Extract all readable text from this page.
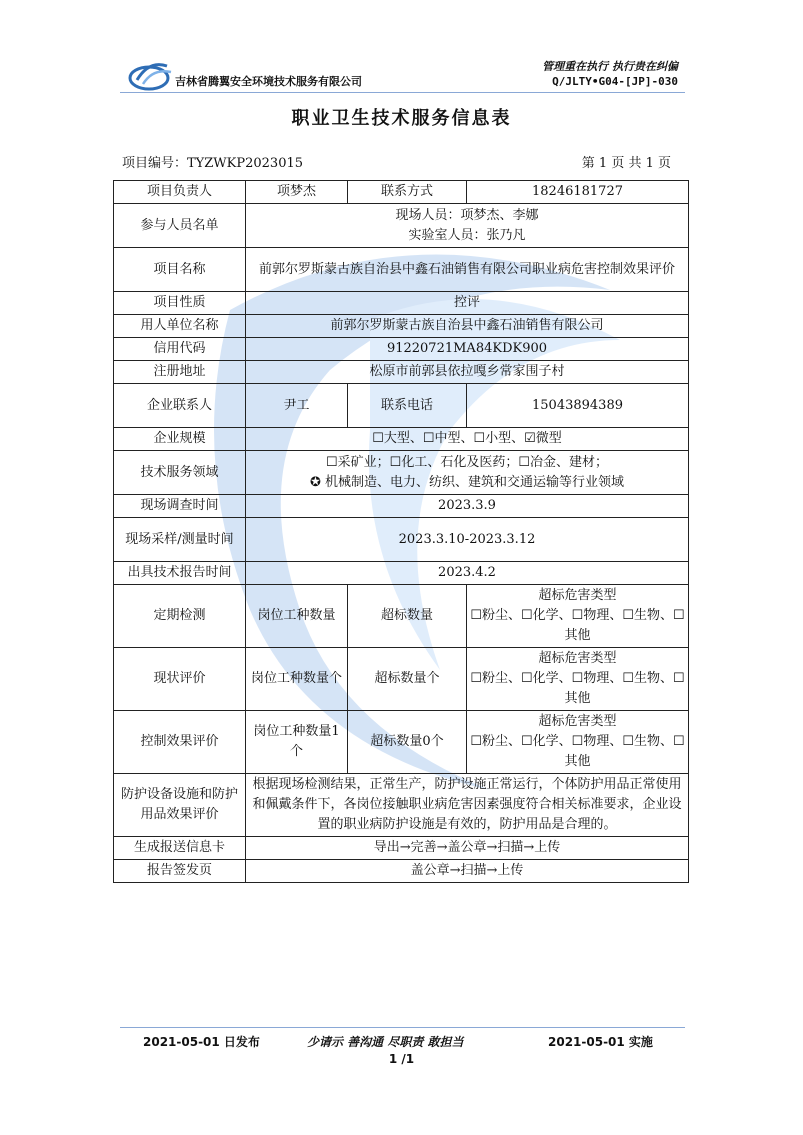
吉林省腾翼安全环境技术服务有限公司
管理重在执行 执行贵在纠偏
Q/JLTY•G04-[JP]-030
职业卫生技术服务信息表
项目编号：TYZWKP2023015	第 1 页 共 1 页
项目负责人	项梦杰	联系方式	18246181727
参与人员名单	现场人员：项梦杰、李娜
实验室人员：张乃凡		

项目名称	前郭尔罗斯蒙古族自治县中鑫石油销售有限公司职业病危害控制效果评价		
项目性质	控评		
用人单位名称	前郭尔罗斯蒙古族自治县中鑫石油销售有限公司		
信用代码	91220721MA84KDK900		
注册地址	松原市前郭县依拉嘎乡常家围子村		
企业联系人	尹工	联系电话	15043894389
企业规模	☐大型、☐中型、☐小型、☑微型		
技术服务领域	☐采矿业；☐化工、石化及医药；☐冶金、建材；
✪ 机械制造、电力、纺织、建筑和交通运输等行业领域		

现场调查时间	2023.3.9		
现场采样/测量时间	2023.3.10-2023.3.12		
出具技术报告时间	2023.4.2		
定期检测	岗位工种数量	超标数量	超标危害类型
☐粉尘、☐化学、☐物理、☐生物、☐其他

现状评价	岗位工种数量个	超标数量个	超标危害类型
☐粉尘、☐化学、☐物理、☐生物、☐其他

控制效果评价	岗位工种数量1个	超标数量0个	超标危害类型
☐粉尘、☐化学、☐物理、☐生物、☐其他

防护设备设施和防护用品效果评价	根据现场检测结果，正常生产，防护设施正常运行，个体防护用品正常使用和佩戴条件下，各岗位接触职业病危害因素强度符合相关标准要求，企业设置的职业病防护设施是有效的，防护用品是合理的。		
生成报送信息卡	导出→完善→盖公章→扫描→上传		
报告签发页	盖公章→扫描→上传		
2021-05-01 日发布	少请示 善沟通 尽职责 敢担当	2021-05-01 实施
1 /1
